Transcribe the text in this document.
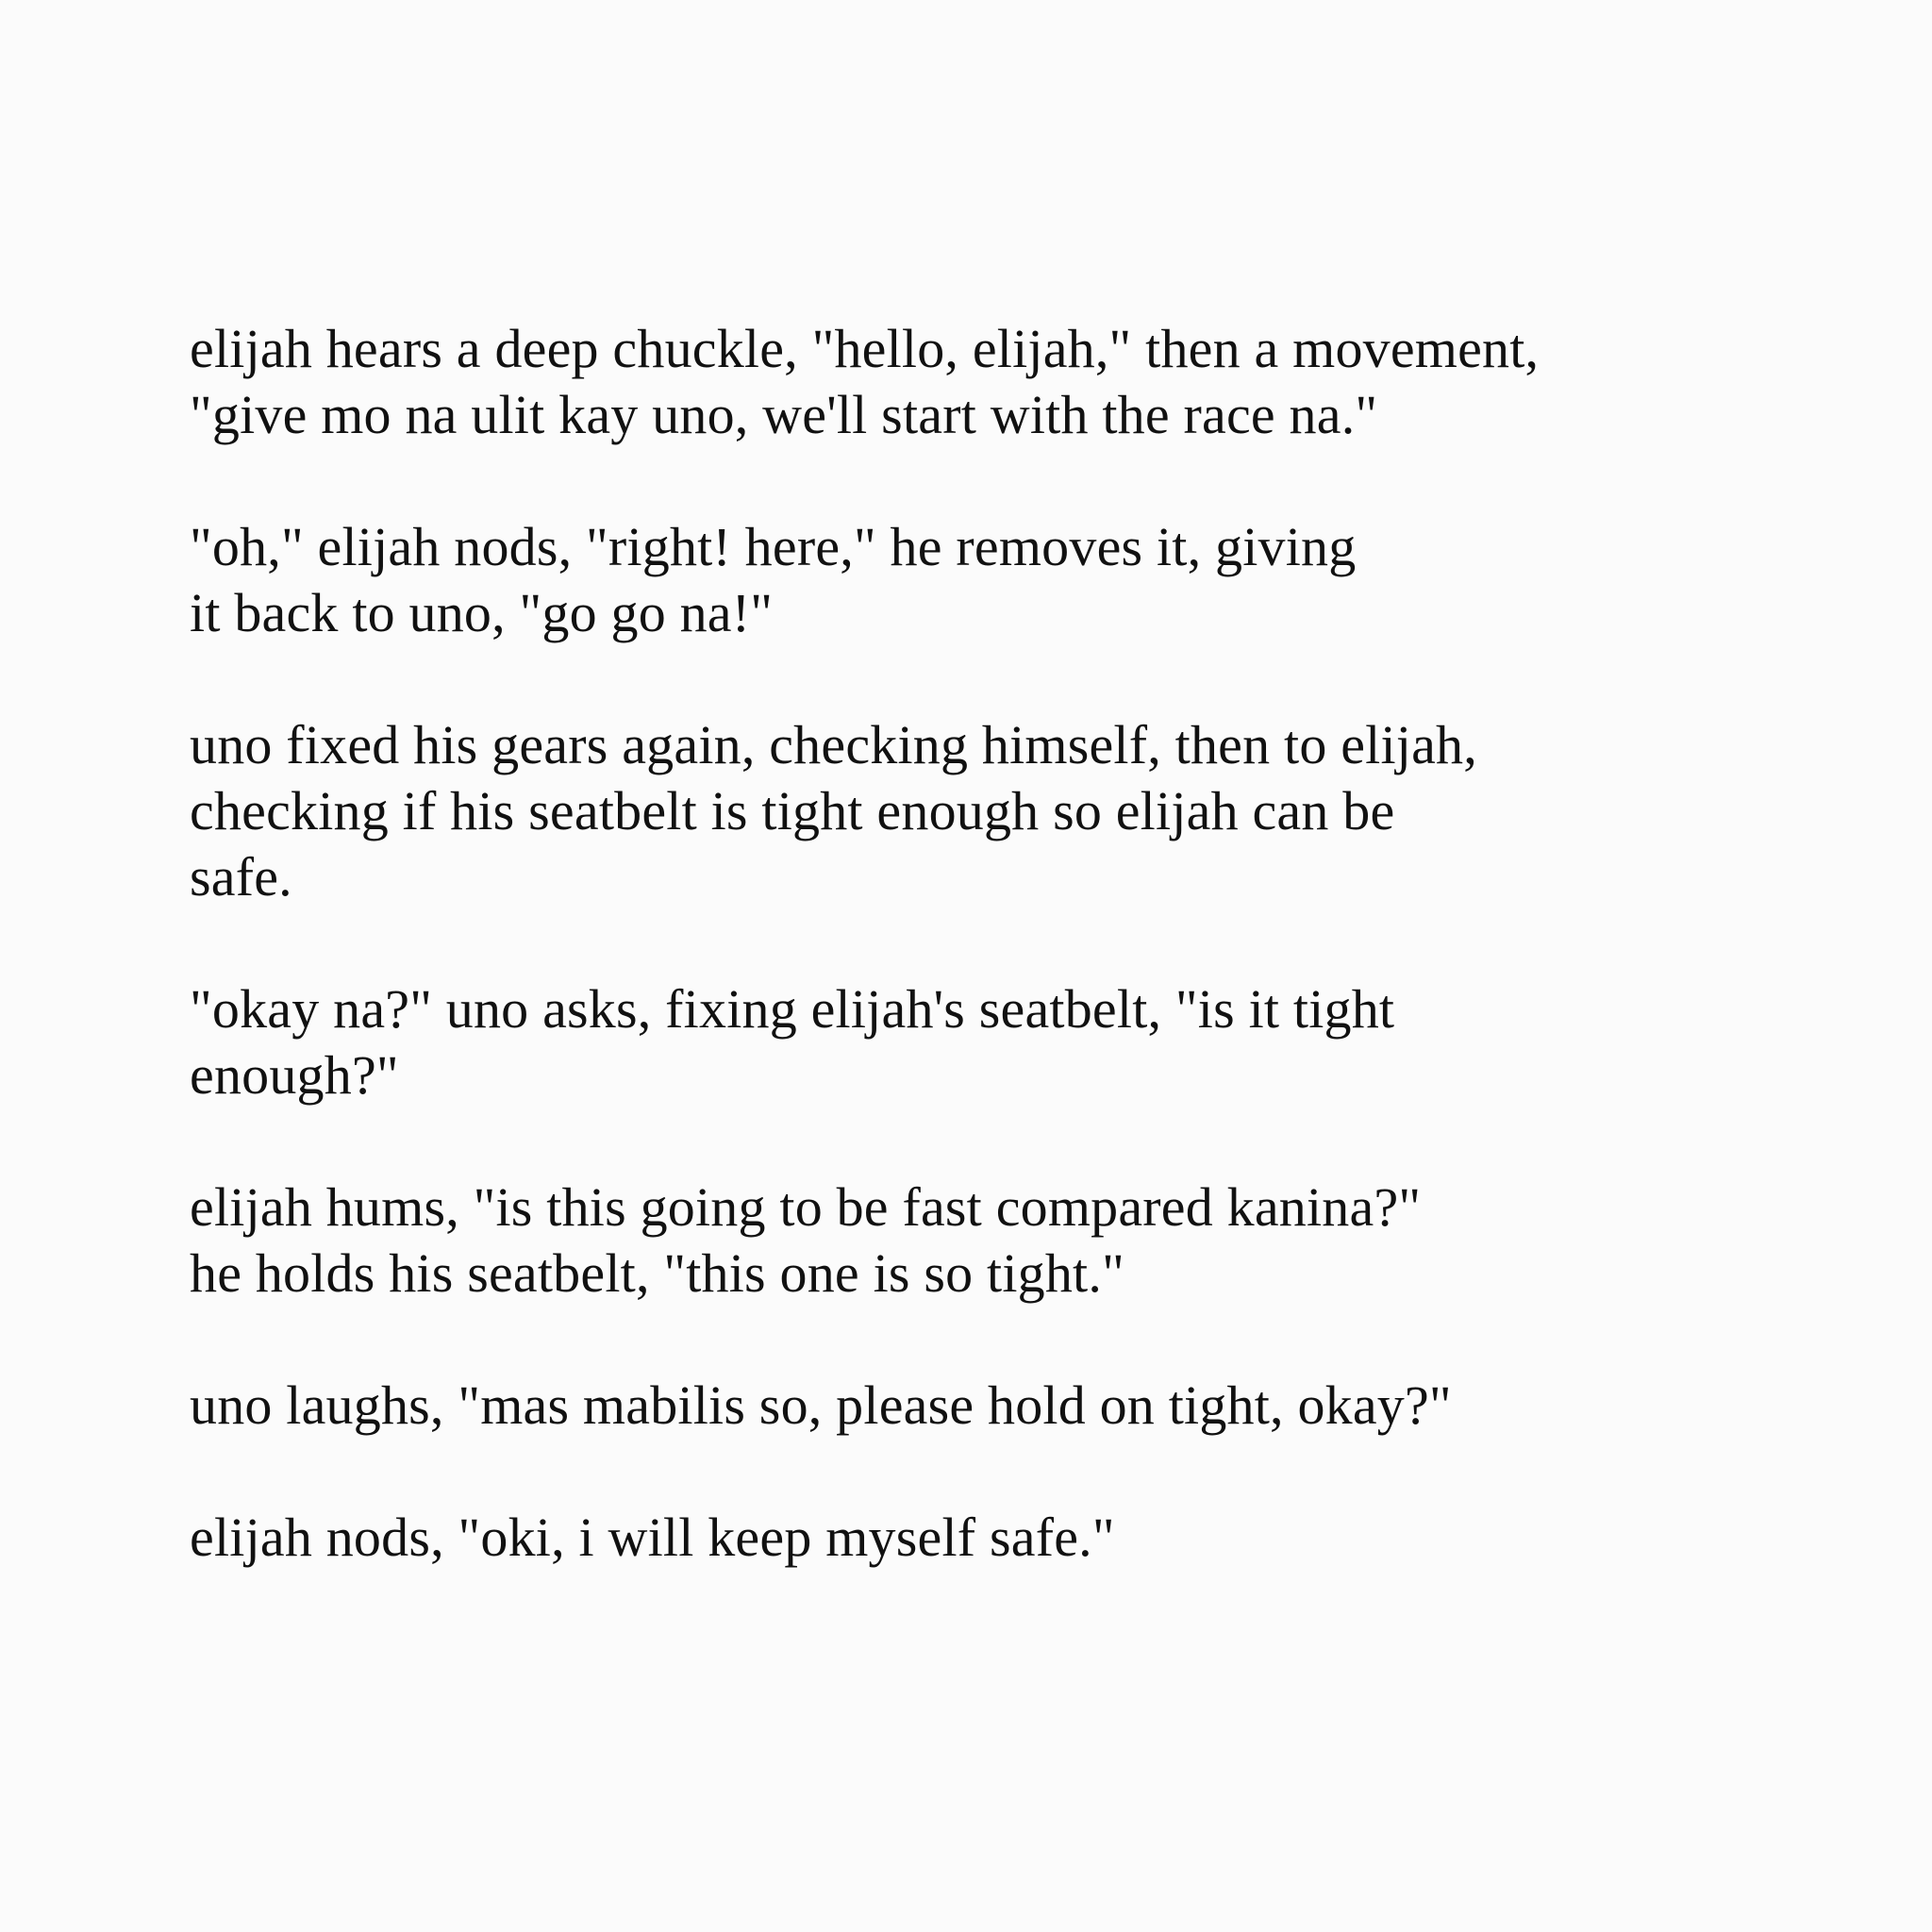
elijah hears a deep chuckle, "hello, elijah," then a movement,
"give mo na ulit kay uno, we'll start with the race na."

"oh," elijah nods, "right! here," he removes it, giving
it back to uno, "go go na!"

uno fixed his gears again, checking himself, then to elijah,
checking if his seatbelt is tight enough so elijah can be
safe.

"okay na?" uno asks, fixing elijah's seatbelt, "is it tight
enough?"

elijah hums, "is this going to be fast compared kanina?"
he holds his seatbelt, "this one is so tight."

uno laughs, "mas mabilis so, please hold on tight, okay?"

elijah nods, "oki, i will keep myself safe."
